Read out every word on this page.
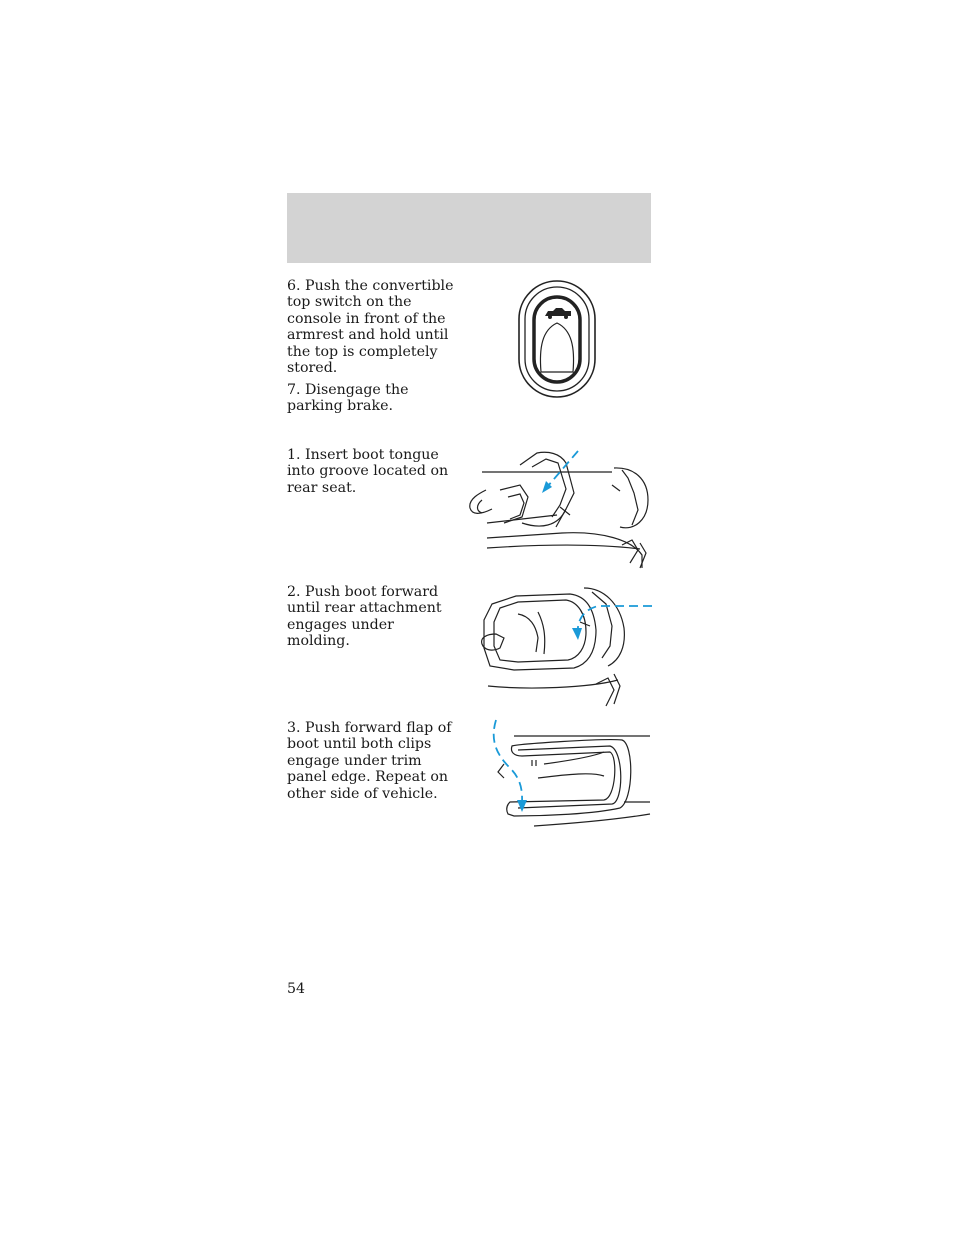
6. Push the convertible top switch on the console in front of the armrest and hold until the top is completely stored.

7. Disengage the parking brake.

1. Insert boot tongue into groove located on rear seat.

2. Push boot forward until rear attachment engages under molding.

3. Push forward flap of boot until both clips engage under trim panel edge. Repeat on other side of vehicle.

54
